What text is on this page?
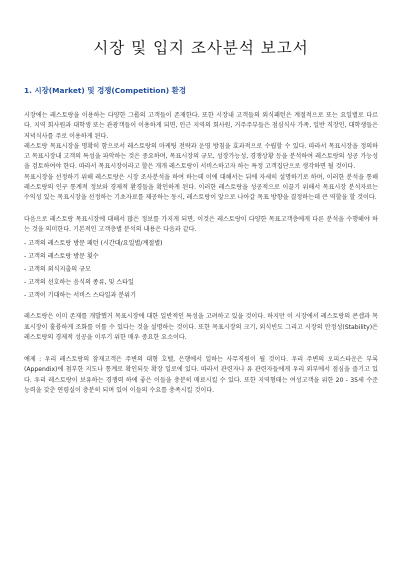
시장 및 입지 조사분석 보고서
1. 시장(Market) 및 경쟁(Competition) 환경

시장에는 레스토랑을 이용하는 다양한 그룹의 고객들이 존재한다. 또한 시장내 고객들의 외식패턴은 계절적으로 또는 요일별로 다르다. 지역 회사원과 대학생 또는 관광객들이 이용하게 되면, 인근 지역의 회사원, 거주주부들은 점심식사 가족, 일반 직장인, 대학생들은 저녁식사를 주로 이용하게 된다.

레스토랑 목표시장을 명확히 함으로서 레스토랑의 마케팅 전략과 운영 방침을 효과적으로 수립할 수 있다. 따라서 목표시장을 정의하고 목표시장내 고객의 특성을 파악하는 것은 중요하며, 목표시장의 규모, 성장가능성, 경쟁상황 등을 분석하여 레스토랑의 성공 가능성을 검토하여야 한다. 따라서 목표시장이라고 할은 개개 레스토랑이 서비스하고자 하는 특정 고객집단으로 생각하면 될 것이다.

목표시장을 선정하기 위해 레스토랑은 시장 조사분석을 하여 하는데 이에 대해서는 뒤에 자세히 설명하기로 하며, 이러한 분석을 통해 레스토랑의 인구 통계적 정보와 경제적 환경들을 확인하게 된다. 이러한 레스토랑을 성공적으로 이끌기 위해서 목표시장 분석자료는 수익성 있는 목표시장을 선정하는 기초자료를 제공하는 동시, 레스토랑이 앞으로 나아갈 목표 방향을 결정하는데 큰 역할을 할 것이다.

다음으로 레스토랑 목표시장에 대해서 많은 정보를 가지게 되면, 이것은 레스토랑이 다양한 목표고객층에게 다른 분석을 수행해야 하는 것을 의미한다. 기본적인 고객층별 분석의 내용은 다음과 같다.

- 고객의 레스토랑 방문 패턴 (시간대/요일별/계절별)
- 고객의 레스토랑 방문 횟수
- 고객의 외식지출의 규모
- 고객의 선호하는 음식의 종류, 및 스타일
- 고객이 기대하는 서비스 스타일과 분위기

레스토랑은 이미 존재를 개발했거 목표시장에 대한 일반적인 특성을 고려하고 있을 것이다. 하지만 이 시장에서 레스토랑의 콘셉과 목표시장이 훌륭하게 조화를 이룰 수 있다는 것을 설명하는 것이다. 또한 목표시장의 크기, 외식빈도 그리고 시장의 안정성(Stability)은 레스토랑의 경제적 성공을 이루기 위한 매우 중요한 요소이다.

예제 : 우리 레스토랑의 잠재고객은 주변의 대형 호텔, 은행에서 일하는 사무직원이 될 것이다. 우리 주변의 오피스타운은 부록(Appendix)에 첨부한 지도나 통계로 확인되듯 확장 일로에 있다. 따라서 관련자나 유 관련자들에게 우리 외부에서 점심을 즐기고 있다. 우리 레스토랑이 보유하는 경쟁력 하에 좋은 이들을 충분히 매료시킬 수 있다. 또한 지역형태는 여성고객을 위한 20 - 35세 수준 능력을 갖춘 연령실이 충분히 되며 있어 이들의 수요를 충족시킬 것이다.
